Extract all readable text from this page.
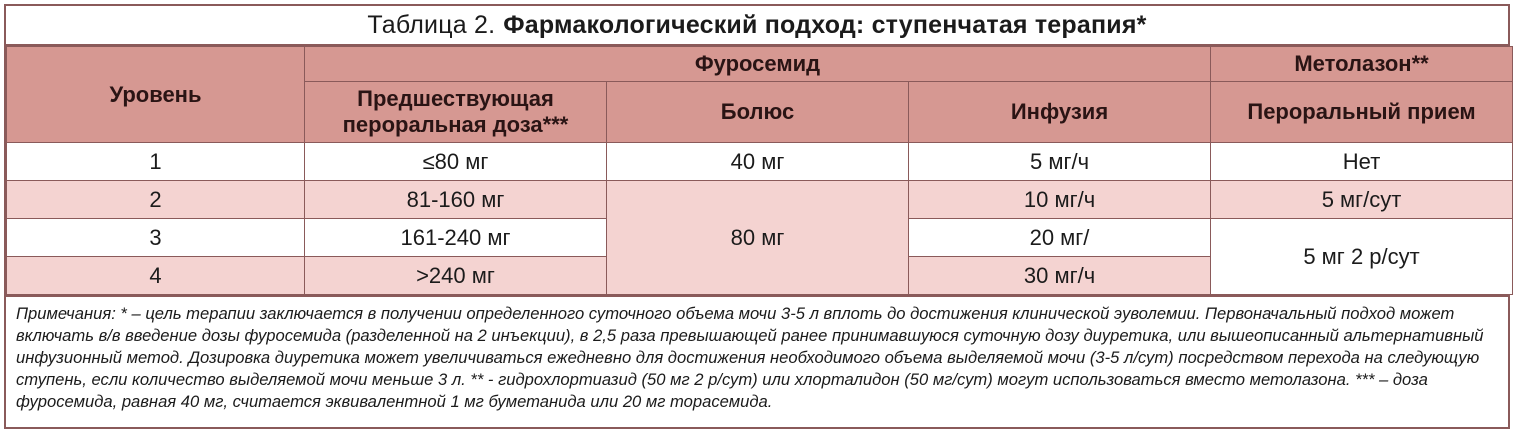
Таблица 2. Фармакологический подход: ступенчатая терапия*
Уровень	Фуросемид			Метолазон**
	Предшествующая пероральная доза***	Болюс	Инфузия	Пероральный прием
1	≤80 мг	40 мг	5 мг/ч	Нет
2	81-160 мг	80 мг	10 мг/ч	5 мг/сут
3	161-240 мг		20 мг/	5 мг 2 р/сут
4	>240 мг		30 мг/ч	
Примечания: * – цель терапии заключается в получении определенного суточного объема мочи 3-5 л вплоть до достижения клинической эуволемии. Первоначальный подход может включать в/в введение дозы фуросемида (разделенной на 2 инъекции), в 2,5 раза превышающей ранее принимавшуюся суточную дозу диуретика, или вышеописанный альтернативный инфузионный метод. Дозировка диуретика может увеличиваться ежедневно для достижения необходимого объема выделяемой мочи (3-5 л/сут) посредством перехода на следующую ступень, если количество выделяемой мочи меньше 3 л. ** - гидрохлортиазид (50 мг 2 р/сут) или хлорталидон (50 мг/сут) могут использоваться вместо метолазона. *** – доза фуросемида, равная 40 мг, считается эквивалентной 1 мг буметанида или 20 мг торасемида.
